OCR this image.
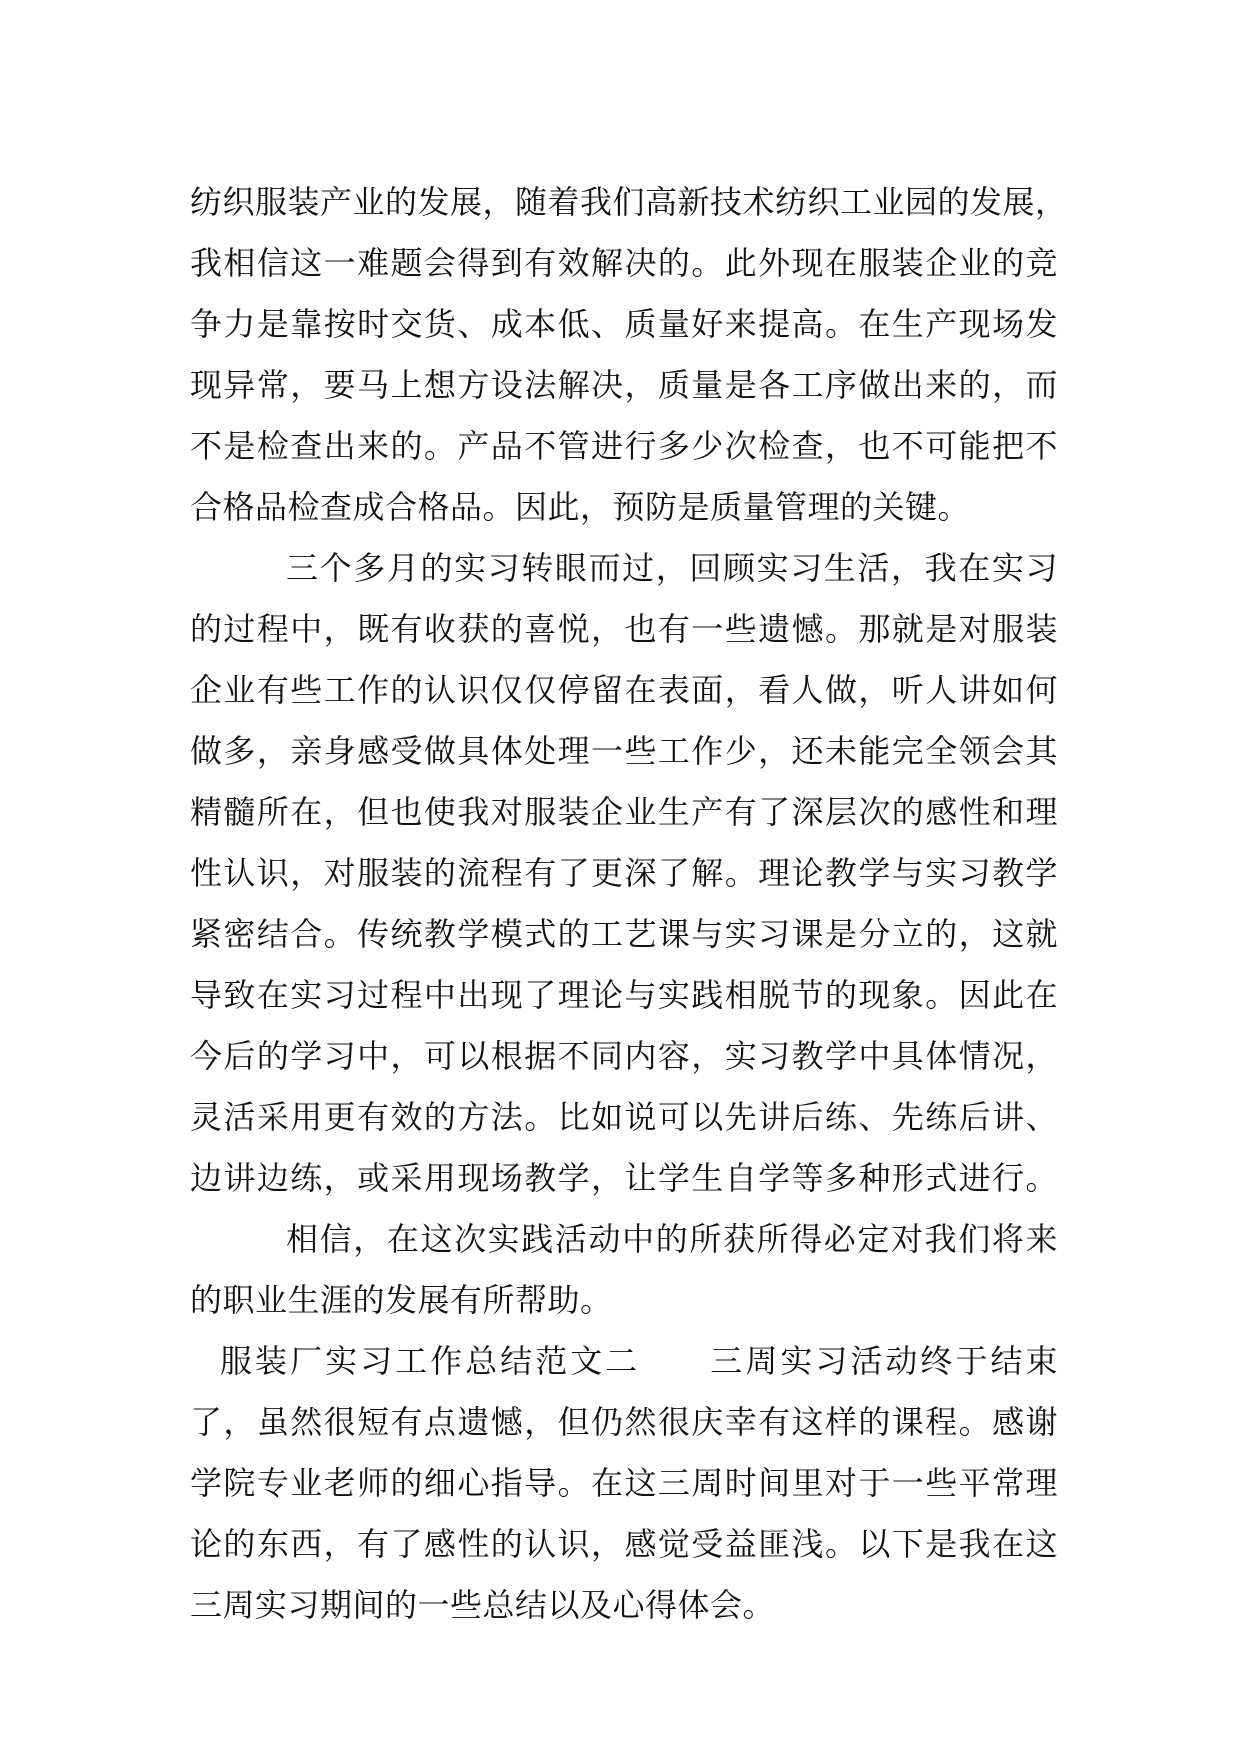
纺织服装产业的发展，随着我们高新技术纺织工业园的发展，
我相信这一难题会得到有效解决的。此外现在服装企业的竞
争力是靠按时交货、成本低、质量好来提高。在生产现场发
现异常，要马上想方设法解决，质量是各工序做出来的，而
不是检查出来的。产品不管进行多少次检查，也不可能把不
合格品检查成合格品。因此，预防是质量管理的关键。
三个多月的实习转眼而过，回顾实习生活，我在实习
的过程中，既有收获的喜悦，也有一些遗憾。那就是对服装
企业有些工作的认识仅仅停留在表面，看人做，听人讲如何
做多，亲身感受做具体处理一些工作少，还未能完全领会其
精髓所在，但也使我对服装企业生产有了深层次的感性和理
性认识，对服装的流程有了更深了解。理论教学与实习教学
紧密结合。传统教学模式的工艺课与实习课是分立的，这就
导致在实习过程中出现了理论与实践相脱节的现象。因此在
今后的学习中，可以根据不同内容，实习教学中具体情况，
灵活采用更有效的方法。比如说可以先讲后练、先练后讲、
边讲边练，或采用现场教学，让学生自学等多种形式进行。
相信，在这次实践活动中的所获所得必定对我们将来
的职业生涯的发展有所帮助。
服装厂实习工作总结范文二　　三周实习活动终于结束
了，虽然很短有点遗憾，但仍然很庆幸有这样的课程。感谢
学院专业老师的细心指导。在这三周时间里对于一些平常理
论的东西，有了感性的认识，感觉受益匪浅。以下是我在这
三周实习期间的一些总结以及心得体会。
